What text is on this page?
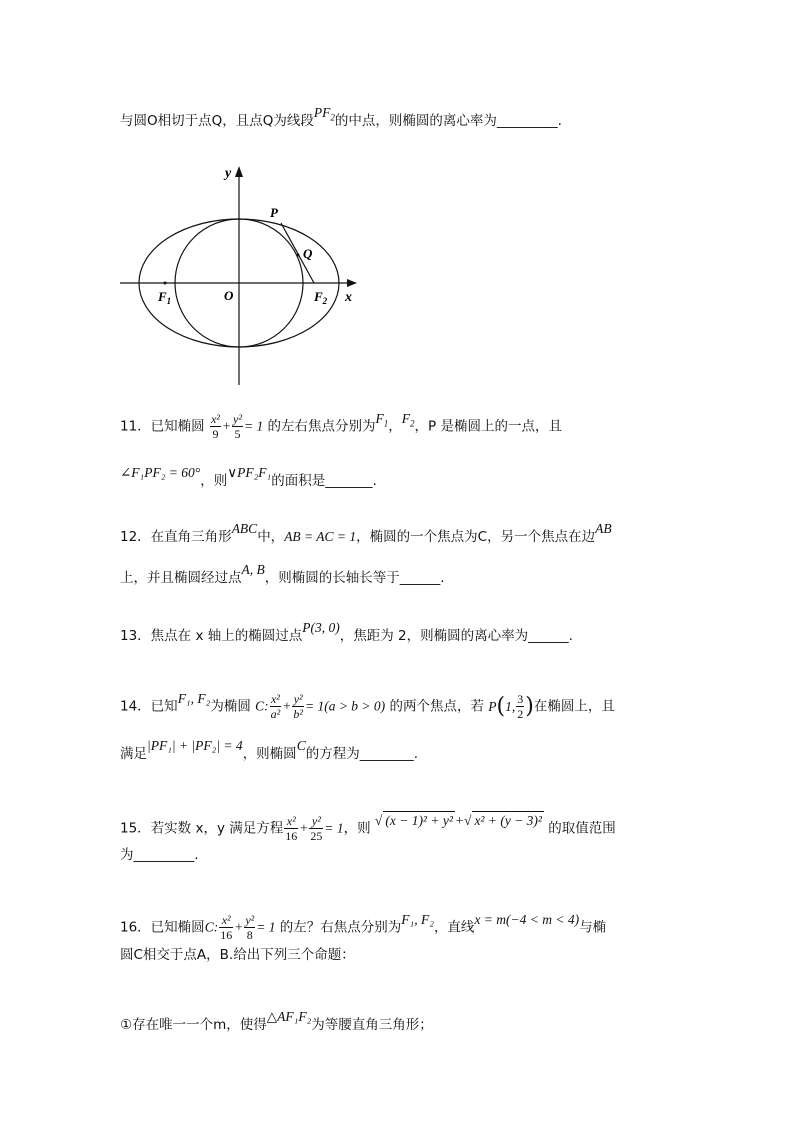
与圆O相切于点Q，且点Q为线段$PF_2$的中点，则椭圆的离心率为_________.
y
x
P
Q
O
$F_1$	$F_2$
11．已知椭圆 $\frac{\text{x²}}{9} + \frac{\text{y²}}{5} = 1$ 的左右焦点分别为$F_1$，$F_2$，P 是椭圆上的一点，且
∠F₁PF₂ = 60°，则∨PF₂F₁的面积是_______.
12．在直角三角形ABC中，AB = AC = 1，椭圆的一个焦点为C，另一个焦点在边AB
上，并且椭圆经过点A, B，则椭圆的长轴长等于______.
13．焦点在 x 轴上的椭圆过点P(3, 0)，焦距为 2，则椭圆的离心率为______.
14．已知F₁, F₂为椭圆 C: $\frac{\text{x²}}{\text{a²}} + \frac{\text{y²}}{\text{b²}} = 1(a > b > 0)$ 的两个焦点，若 P(1, $\frac{3}{2}$ )在椭圆上，且
满足|PF₁| + |PF₂| = 4，则椭圆C的方程为________.
15．若实数 x，y 满足方程 $\frac{\text{x²}}{16} + \frac{\text{y²}}{25} = 1$，则 √ (x − 1)² + y² +√ x² + (y − 3)² 的取值范围
为_________.
16．已知椭圆C: $\frac{\text{x²}}{16} + \frac{\text{y²}}{8} = 1$ 的左？右焦点分别为F₁, F₂，直线x = m(−4 < m < 4)与椭
圆C相交于点A，B.给出下列三个命题：
①存在唯一一个m，使得△AF₁F₂为等腰直角三角形；
